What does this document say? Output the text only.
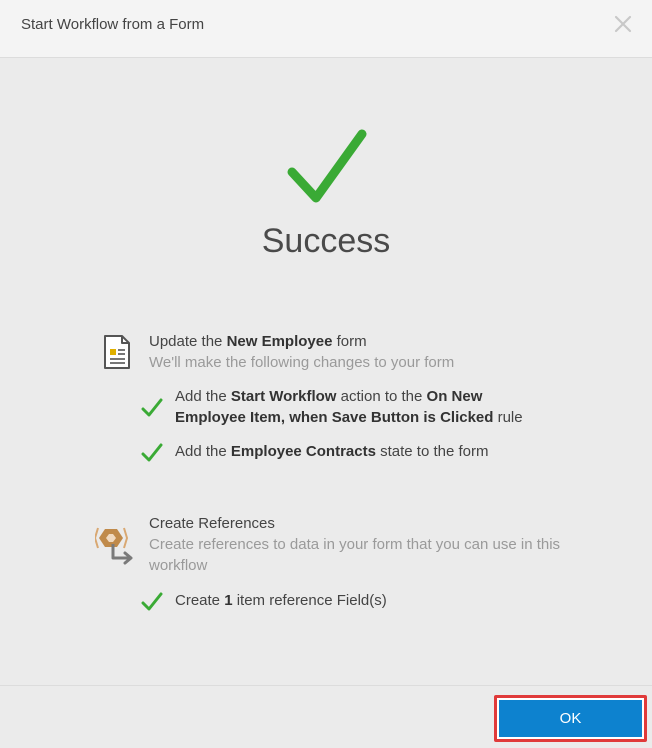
Start Workflow from a Form
Success
Update the New Employee form
We'll make the following changes to your form
Add the Start Workflow action to the On New
Employee Item, when Save Button is Clicked rule
Add the Employee Contracts state to the form
Create References
Create references to data in your form that you can use in this
workflow
Create 1 item reference Field(s)
OK
